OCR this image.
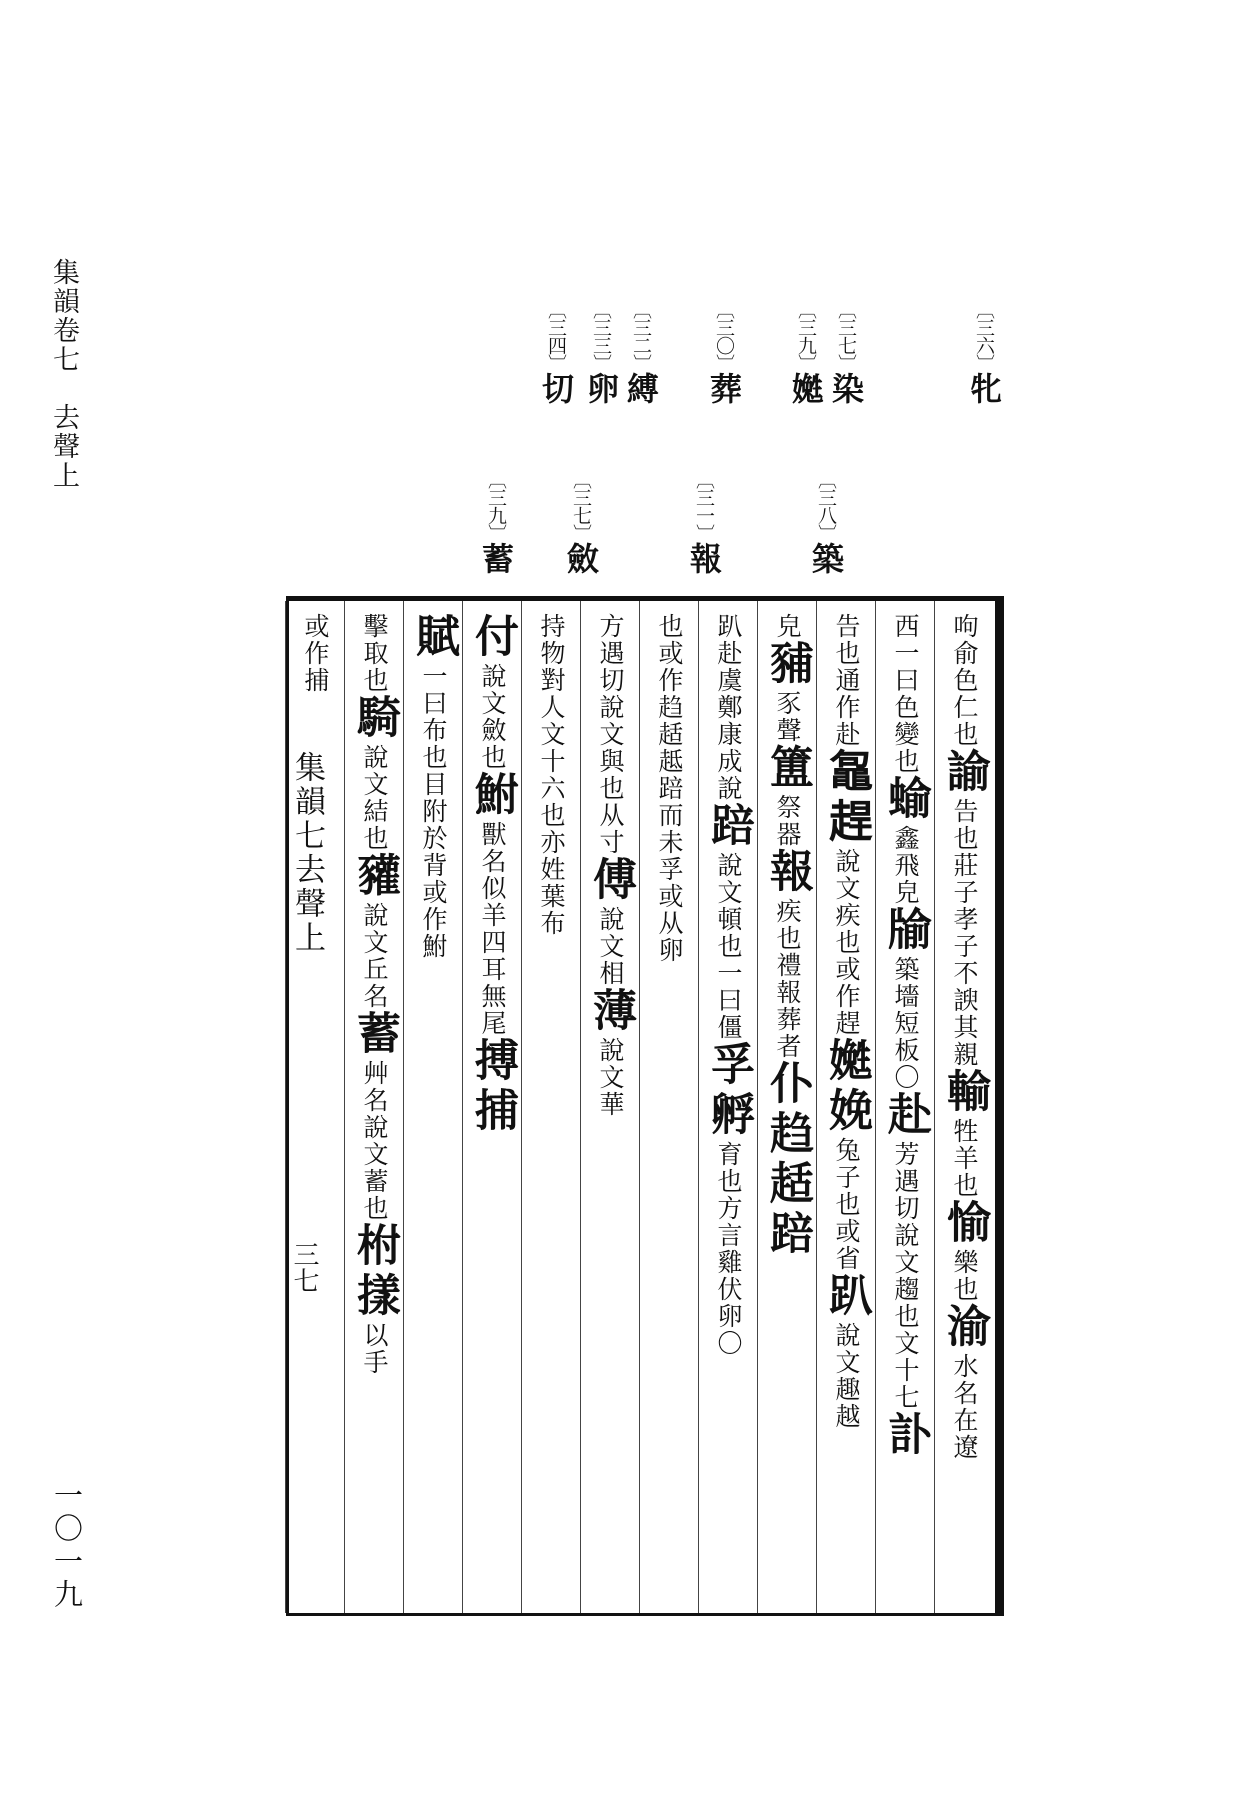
集韻卷七　去聲上
一〇一九
〔三六〕牝
〔三七〕染
〔三八〕築
〔三九〕嬔
〔三〇〕葬
〔三一〕報
〔三二〕縛
〔三三〕卵
〔三七〕斂
〔三四〕切
〔三九〕蓄
集韻七去聲上
三七
呴俞色仁也諭告也莊子孝子不諛其親輸牲羊也愉樂也渝水名在遼
西一曰色變也蝓鑫飛皃牏築墻短板〇赴芳遇切說文趨也文十七訃
告也通作赴𪓟趕說文疾也或作趕嬔娩兔子也或省趴說文趣越
皃豧豕聲簠祭器報疾也禮報葬者仆趋趏踣
趴赴虞鄭康成說踣說文頓也一曰僵孚孵育也方言雞伏卵〇
也或作趋趏趆踣而未孚或从卵
方遇切說文與也从寸傅說文相薄說文華
持物對人文十六也亦姓葉布
付說文斂也鮒獸名似羊四耳無尾搏捕
賦一曰布也目附於背或作鮒
擊取也騎說文結也䝔說文丘名蓄艸名說文蓄也柎㨾以手
或作捕
